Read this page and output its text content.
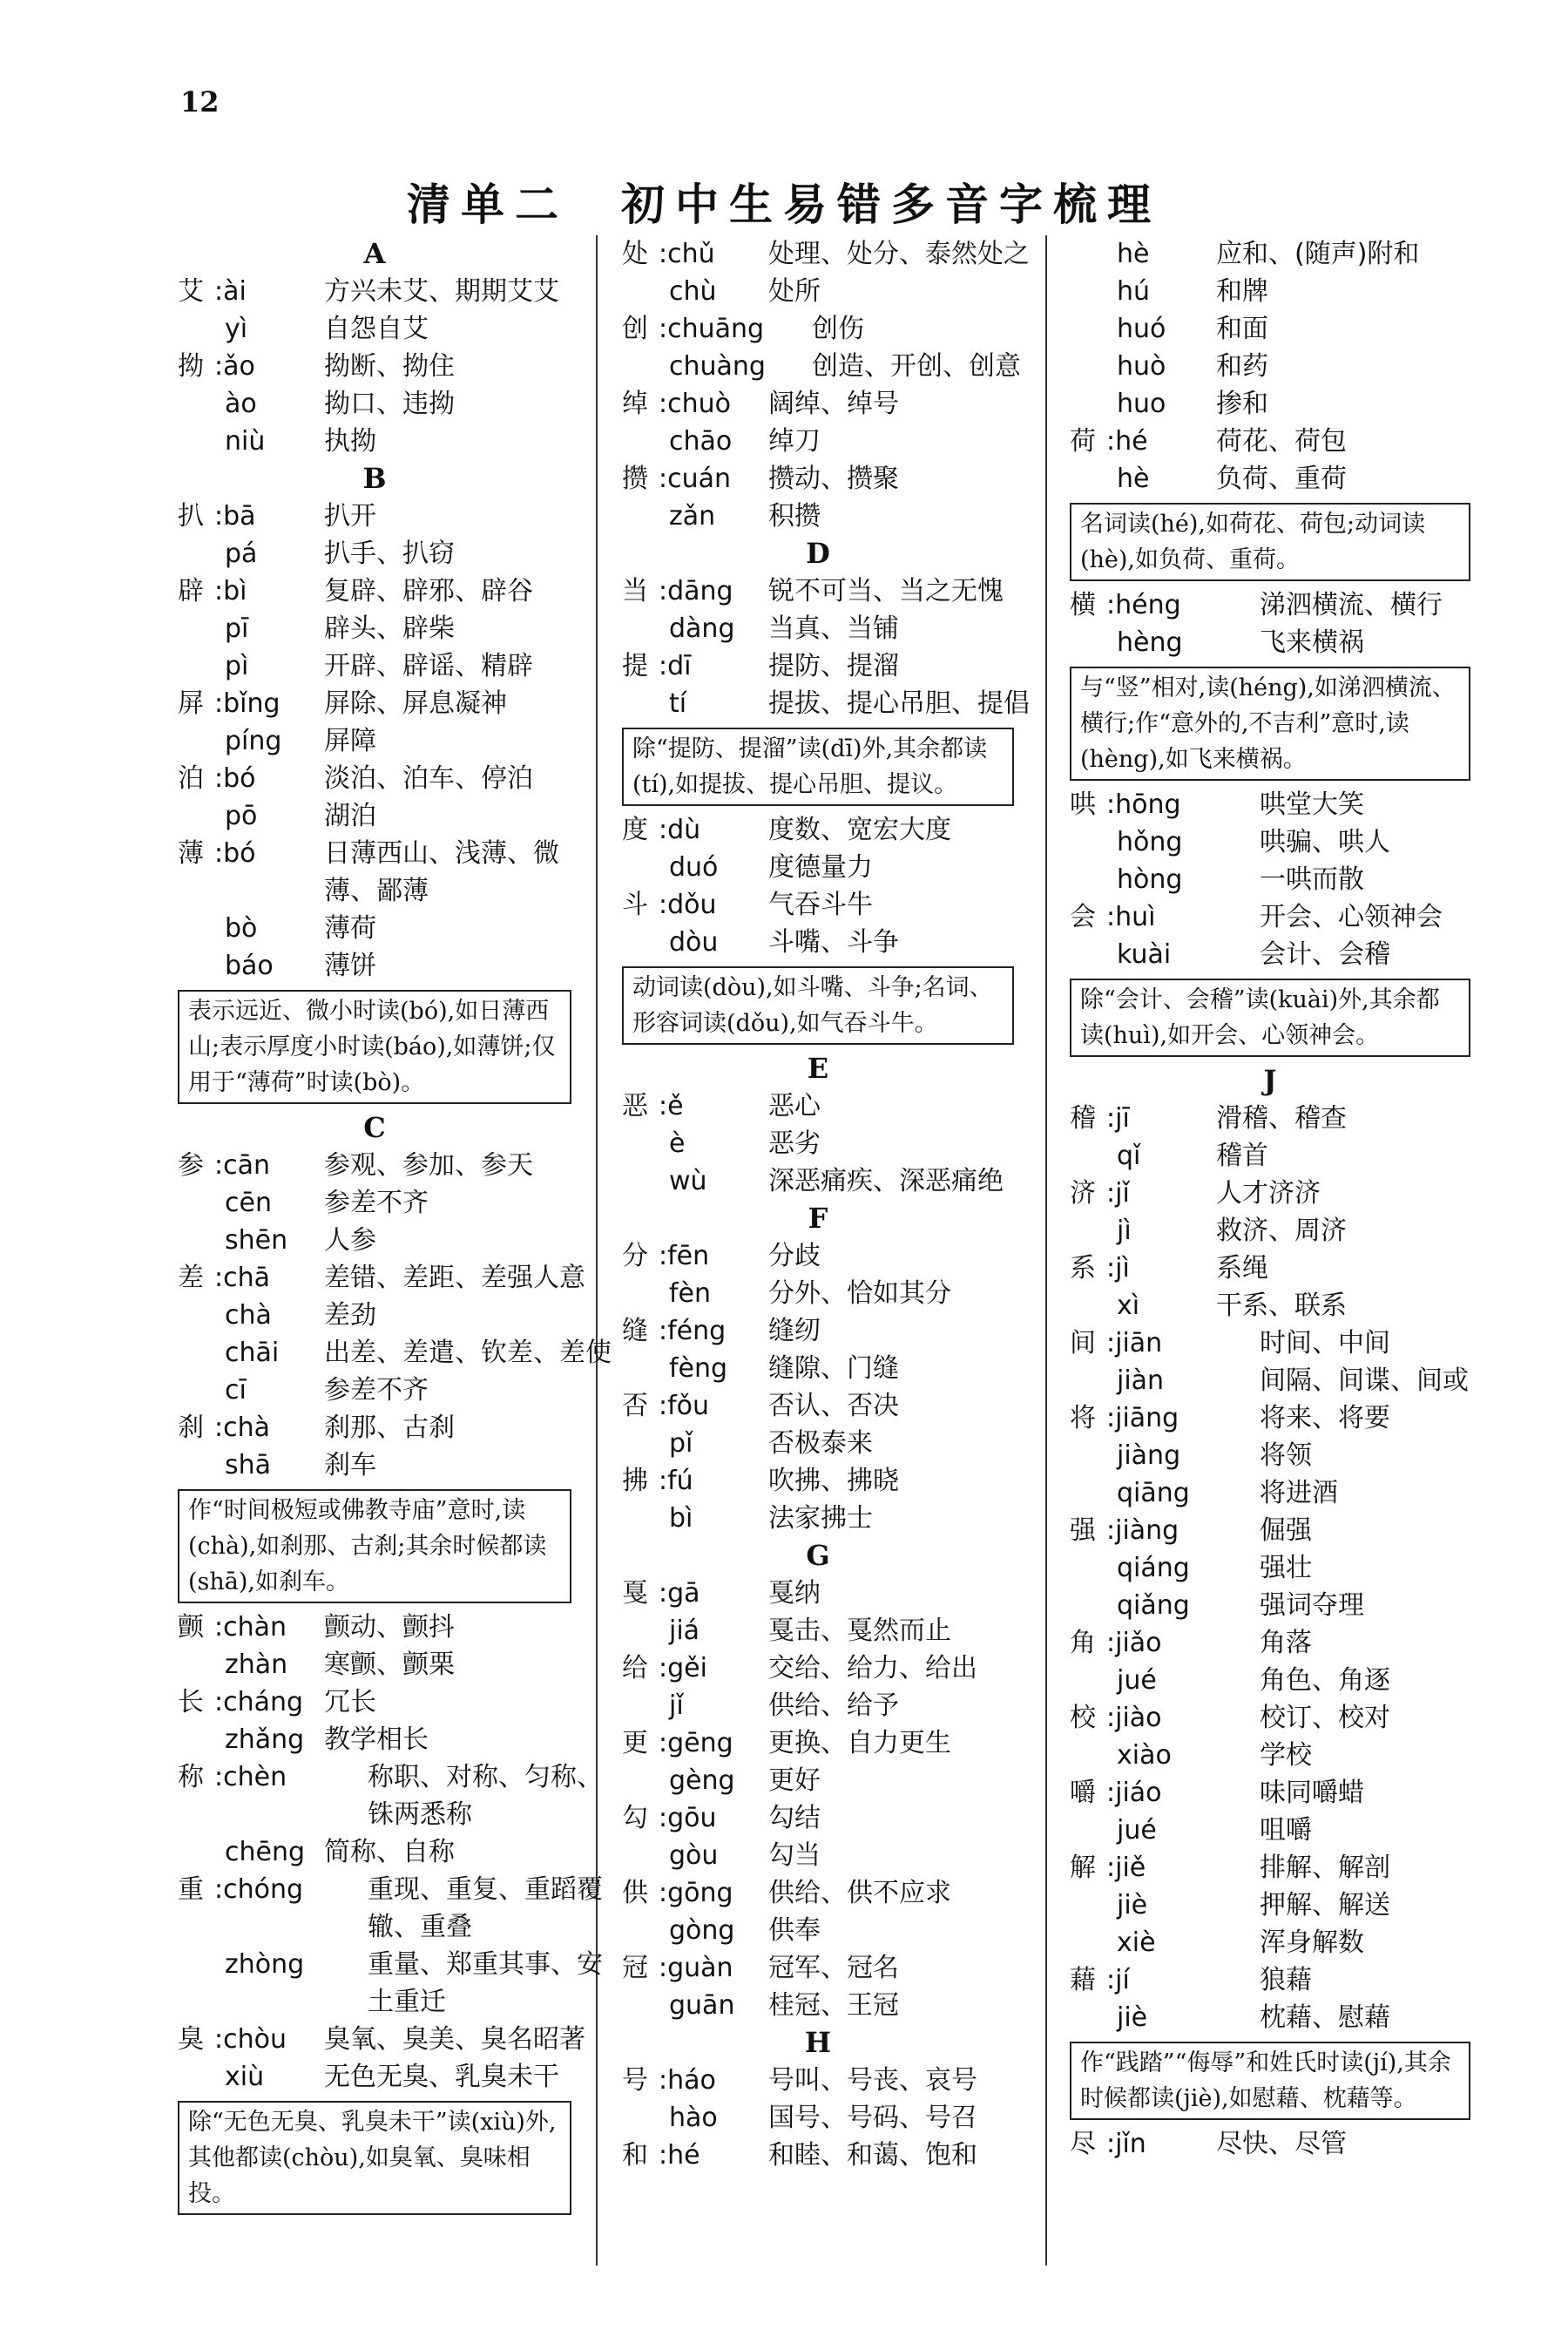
12
清单二 初中生易错多音字梳理
A
艾 :ài	方兴未艾、期期艾艾
yì	自怨自艾
拗 :ǎo	拗断、拗住
ào	拗口、违拗
niù 执拗
B
扒 :bā	扒开
pá	扒手、扒窃
辟 :bì	复辟、辟邪、辟谷
pī	辟头、辟柴
pì	开辟、辟谣、精辟
屏 :bǐng 屏除、屏息凝神
píng 屏障
泊 :bó	淡泊、泊车、停泊
pō	湖泊
薄 :bó	日薄西山、浅薄、微
薄、鄙薄
bò	薄荷
báo 薄饼
表示远近、微小时读(bó),如日薄西山;表示厚度小时读(báo),如薄饼;仅用于“薄荷”时读(bò)。
C
参 :cān 参观、参加、参天
cēn 参差不齐
shēn 人参
差 :chā 差错、差距、差强人意
chà 差劲
chāi 出差、差遣、钦差、差使
cī	参差不齐
刹 :chà 刹那、古刹
shā 刹车
作“时间极短或佛教寺庙”意时,读(chà),如刹那、古刹;其余时候都读(shā),如刹车。
颤 :chàn 颤动、颤抖
zhàn 寒颤、颤栗
长 :cháng 冗长
zhǎng 教学相长
称 :chèn	称职、对称、匀称、
铢两悉称
chēng 简称、自称
重 :chóng 重现、重复、重蹈覆
辙、重叠
zhòng 重量、郑重其事、安
土重迁
臭 :chòu 臭氧、臭美、臭名昭著
xiù 无色无臭、乳臭未干
除“无色无臭、乳臭未干”读(xiù)外,其他都读(chòu),如臭氧、臭味相投。
处 :chǔ 处理、处分、泰然处之
chù 处所
创 :chuāng 创伤
chuàng 创造、开创、创意
绰 :chuò 阔绰、绰号
chāo 绰刀
攒 :cuán 攒动、攒聚
zǎn 积攒
D
当 :dāng 锐不可当、当之无愧
dàng 当真、当铺
提 :dī	提防、提溜
tí	提拔、提心吊胆、提倡
除“提防、提溜”读(dī)外,其余都读(tí),如提拔、提心吊胆、提议。
度 :dù	度数、宽宏大度
duó 度德量力
斗 :dǒu 气吞斗牛
dòu 斗嘴、斗争
动词读(dòu),如斗嘴、斗争;名词、形容词读(dǒu),如气吞斗牛。
E
恶 :ě	恶心
è	恶劣
wù 深恶痛疾、深恶痛绝
F
分 :fēn 分歧
fèn 分外、恰如其分
缝 :féng 缝纫
fèng 缝隙、门缝
否 :fǒu 否认、否决
pǐ	否极泰来
拂 :fú	吹拂、拂晓
bì	法家拂士
G
戛 :gā	戛纳
jiá	戛击、戛然而止
给 :gěi 交给、给力、给出
jǐ	供给、给予
更 :gēng 更换、自力更生
gèng 更好
勾 :gōu 勾结
gòu 勾当
供 :gōng 供给、供不应求
gòng 供奉
冠 :guàn 冠军、冠名
guān 桂冠、王冠
H
号 :háo 号叫、号丧、哀号
hào 国号、号码、号召
和 :hé	和睦、和蔼、饱和
hè	应和、(随声)附和
hú	和牌
huó 和面
huò 和药
huo 掺和
荷 :hé	荷花、荷包
hè	负荷、重荷
名词读(hé),如荷花、荷包;动词读(hè),如负荷、重荷。
横 :héng	涕泗横流、横行
hèng	飞来横祸
与“竖”相对,读(héng),如涕泗横流、横行;作“意外的,不吉利”意时,读(hèng),如飞来横祸。
哄 :hōng	哄堂大笑
hǒng	哄骗、哄人
hòng	一哄而散
会 :huì	开会、心领神会
kuài	会计、会稽
除“会计、会稽”读(kuài)外,其余都读(huì),如开会、心领神会。
J
稽 :jī	滑稽、稽查
qǐ	稽首
济 :jǐ	人才济济
jì	救济、周济
系 :jì	系绳
xì	干系、联系
间 :jiān	时间、中间
jiàn	间隔、间谍、间或
将 :jiāng	将来、将要
jiàng	将领
qiāng	将进酒
强 :jiàng	倔强
qiáng	强壮
qiǎng	强词夺理
角 :jiǎo	角落
jué	角色、角逐
校 :jiào	校订、校对
xiào	学校
嚼 :jiáo	味同嚼蜡
jué	咀嚼
解 :jiě	排解、解剖
jiè	押解、解送
xiè	浑身解数
藉 :jí	狼藉
jiè	枕藉、慰藉
作“践踏”“侮辱”和姓氏时读(jí),其余时候都读(jiè),如慰藉、枕藉等。
尽 :jǐn	尽快、尽管
